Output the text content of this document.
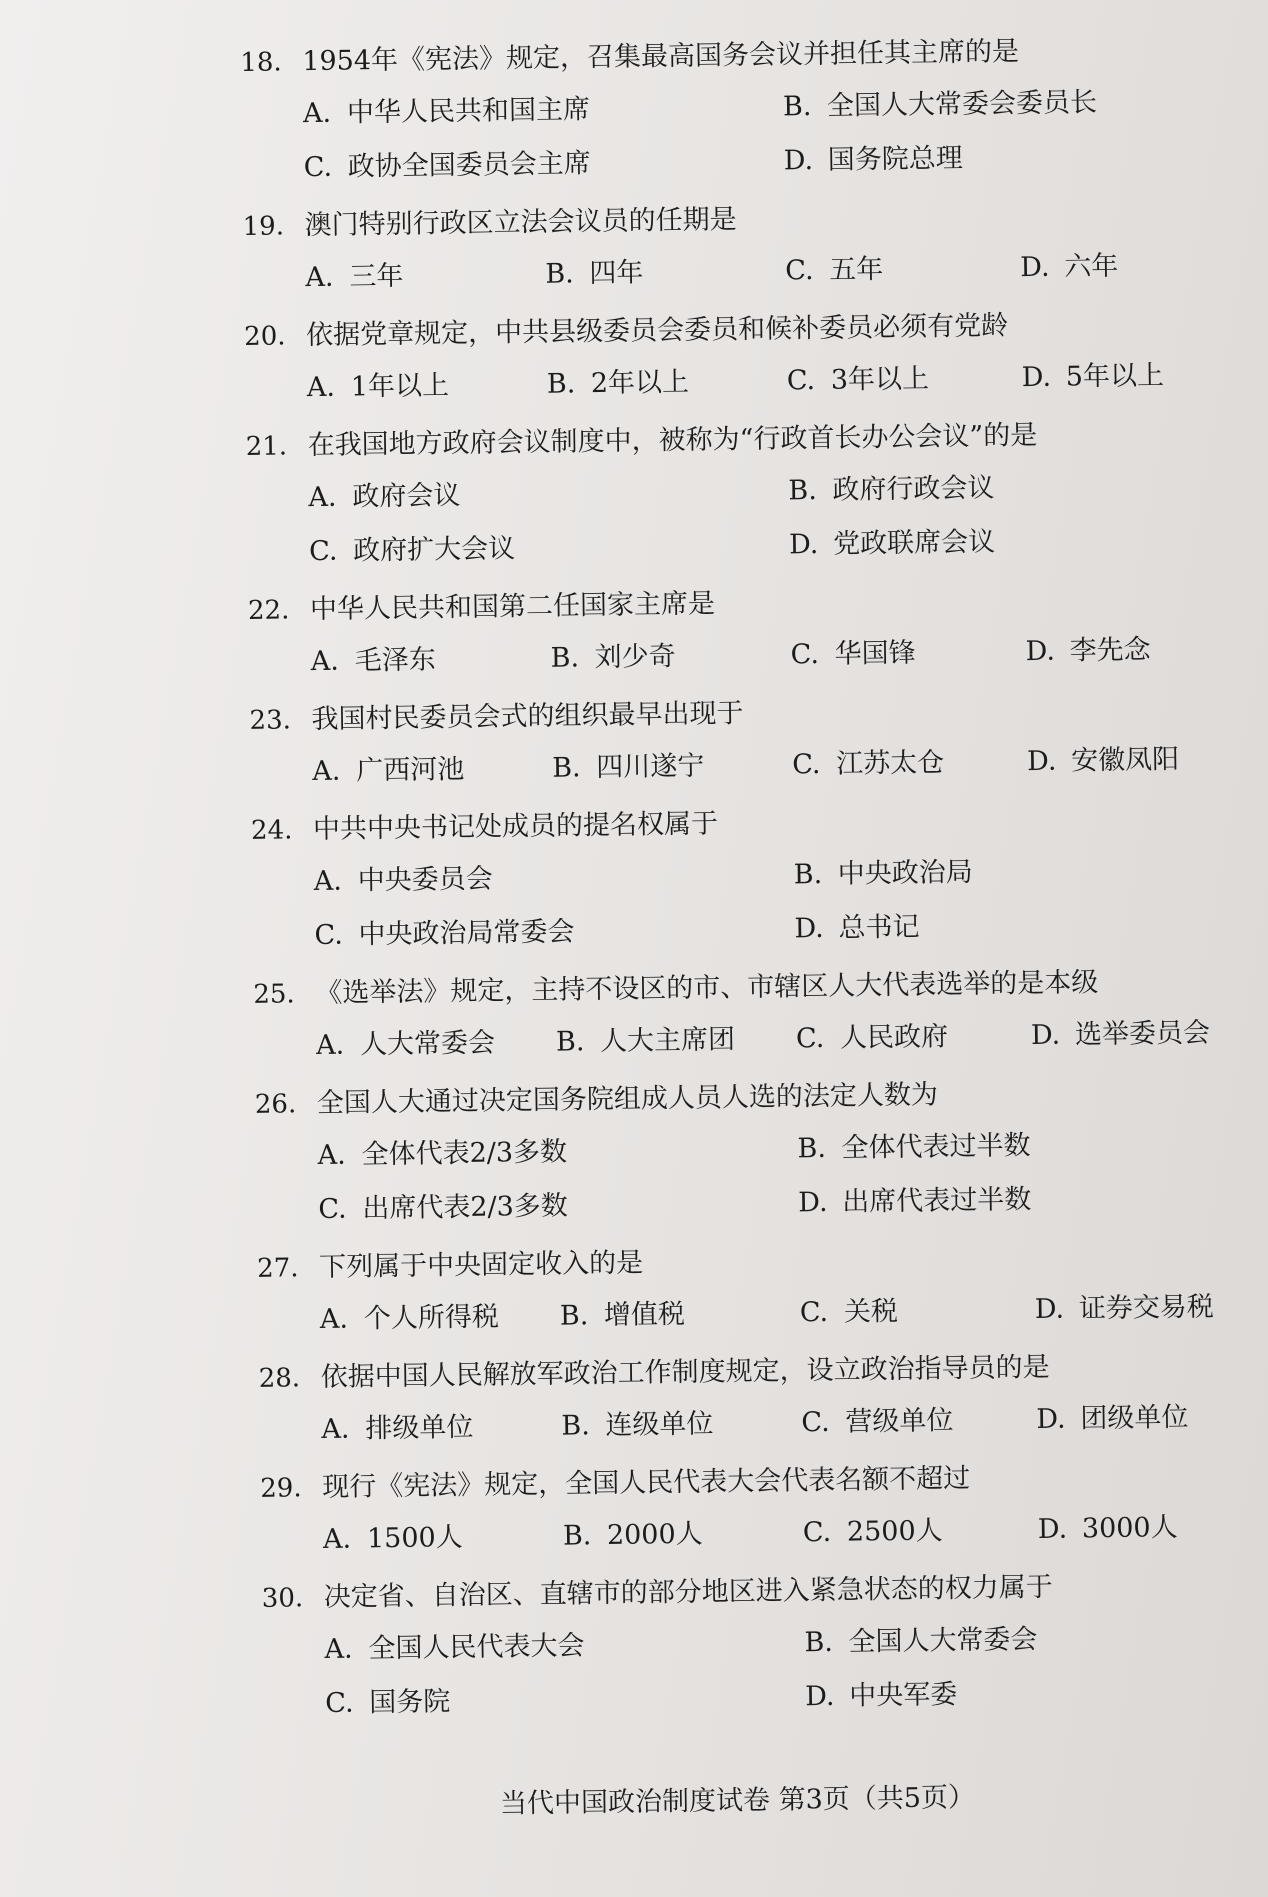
18. 1954年《宪法》规定，召集最高国务会议并担任其主席的是
A. 中华人民共和国主席	B. 全国人大常委会委员长
C. 政协全国委员会主席	D. 国务院总理
19. 澳门特别行政区立法会议员的任期是
A. 三年	B. 四年	C. 五年	D. 六年
20. 依据党章规定，中共县级委员会委员和候补委员必须有党龄
A. 1年以上	B. 2年以上	C. 3年以上	D. 5年以上
21. 在我国地方政府会议制度中，被称为“行政首长办公会议”的是
A. 政府会议	B. 政府行政会议
C. 政府扩大会议	D. 党政联席会议
22. 中华人民共和国第二任国家主席是
A. 毛泽东	B. 刘少奇	C. 华国锋	D. 李先念
23. 我国村民委员会式的组织最早出现于
A. 广西河池	B. 四川遂宁	C. 江苏太仓	D. 安徽凤阳
24. 中共中央书记处成员的提名权属于
A. 中央委员会	B. 中央政治局
C. 中央政治局常委会	D. 总书记
25. 《选举法》规定，主持不设区的市、市辖区人大代表选举的是本级
A. 人大常委会	B. 人大主席团	C. 人民政府	D. 选举委员会
26. 全国人大通过决定国务院组成人员人选的法定人数为
A. 全体代表2/3多数	B. 全体代表过半数
C. 出席代表2/3多数	D. 出席代表过半数
27. 下列属于中央固定收入的是
A. 个人所得税	B. 增值税	C. 关税	D. 证券交易税
28. 依据中国人民解放军政治工作制度规定，设立政治指导员的是
A. 排级单位	B. 连级单位	C. 营级单位	D. 团级单位
29. 现行《宪法》规定，全国人民代表大会代表名额不超过
A. 1500人	B. 2000人	C. 2500人	D. 3000人
30. 决定省、自治区、直辖市的部分地区进入紧急状态的权力属于
A. 全国人民代表大会	B. 全国人大常委会
C. 国务院	D. 中央军委
当代中国政治制度试卷 第3页（共5页）
